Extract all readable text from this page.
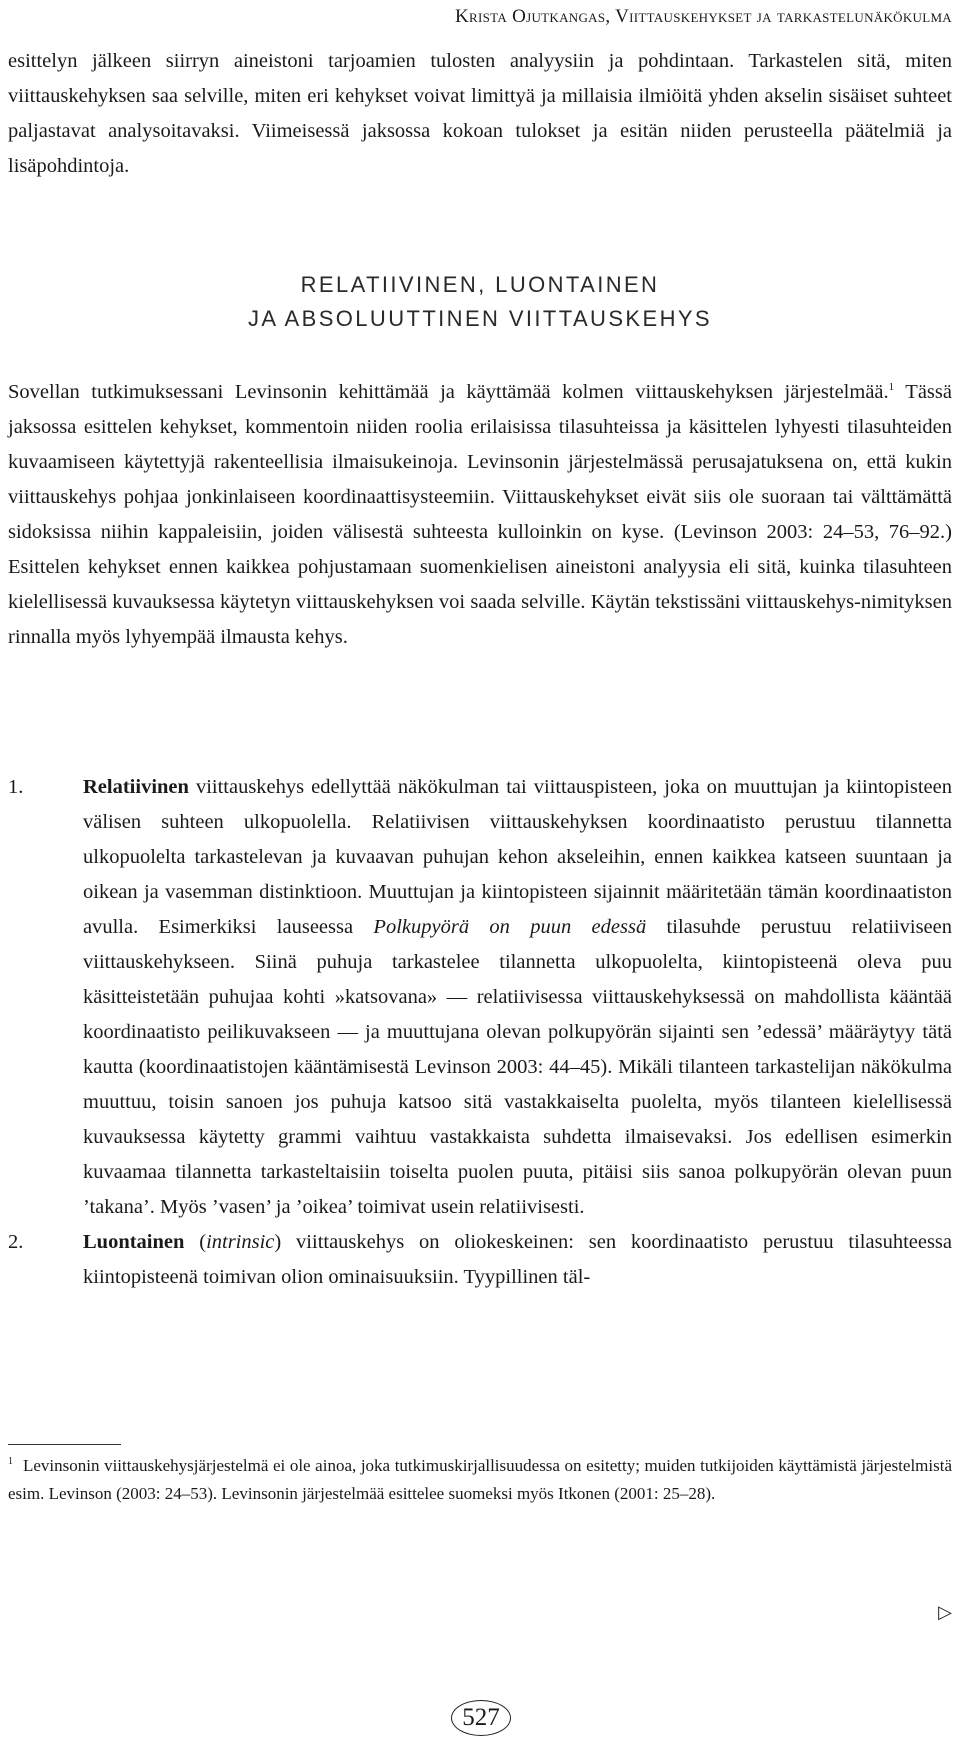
Krista Ojutkangas, Viittauskehykset ja tarkastelunäkökulma

esittelyn jälkeen siirryn aineistoni tarjoamien tulosten analyysiin ja pohdintaan. Tarkastelen sitä, miten viittauskehyksen saa selville, miten eri kehykset voivat limittyä ja millaisia ilmiöitä yhden akselin sisäiset suhteet paljastavat analysoitavaksi. Viimeisessä jaksossa kokoan tulokset ja esitän niiden perusteella päätelmiä ja lisäpohdintoja.

RELATIIVINEN, LUONTAINEN
JA ABSOLUUTTINEN VIITTAUSKEHYS

Sovellan tutkimuksessani Levinsonin kehittämää ja käyttämää kolmen viittauskehyksen järjestelmää.$^1$ Tässä jaksossa esittelen kehykset, kommentoin niiden roolia erilaisissa tilasuhteissa ja käsittelen lyhyesti tilasuhteiden kuvaamiseen käytettyjä rakenteellisia ilmaisukeinoja. Levinsonin järjestelmässä perusajatuksena on, että kukin viittauskehys pohjaa jonkinlaiseen koordinaattisysteemiin. Viittauskehykset eivät siis ole suoraan tai välttämättä sidoksissa niihin kappaleisiin, joiden välisestä suhteesta kulloinkin on kyse. (Levinson 2003: 24–53, 76–92.) Esittelen kehykset ennen kaikkea pohjustamaan suomenkielisen aineistoni analyysia eli sitä, kuinka tilasuhteen kielellisessä kuvauksessa käytetyn viittauskehyksen voi saada selville. Käytän tekstissäni viittauskehys-nimityksen rinnalla myös lyhyempää ilmausta kehys.

1.	Relatiivinen viittauskehys edellyttää näkökulman tai viittauspisteen, joka on muuttujan ja kiintopisteen välisen suhteen ulkopuolella. Relatiivisen viittauskehyksen koordinaatisto perustuu tilannetta ulkopuolelta tarkastelevan ja kuvaavan puhujan kehon akseleihin, ennen kaikkea katseen suuntaan ja oikean ja vasemman distinktioon. Muuttujan ja kiintopisteen sijainnit määritetään tämän koordinaatiston avulla. Esimerkiksi lauseessa Polkupyörä on puun edessä tilasuhde perustuu relatiiviseen viittauskehykseen. Siinä puhuja tarkastelee tilannetta ulkopuolelta, kiintopisteenä oleva puu käsitteistetään puhujaa kohti »katsovana» — relatiivisessa viittauskehyksessä on mahdollista kääntää koordinaatisto peilikuvakseen — ja muuttujana olevan polkupyörän sijainti sen ’edessä’ määräytyy tätä kautta (koordinaatistojen kääntämisestä Levinson 2003: 44–45). Mikäli tilanteen tarkastelijan näkökulma muuttuu, toisin sanoen jos puhuja katsoo sitä vastakkaiselta puolelta, myös tilanteen kielellisessä kuvauksessa käytetty grammi vaihtuu vastakkaista suhdetta ilmaisevaksi. Jos edellisen esimerkin kuvaamaa tilannetta tarkasteltaisiin toiselta puolen puuta, pitäisi siis sanoa polkupyörän olevan puun ’takana’. Myös ’vasen’ ja ’oikea’ toimivat usein relatiivisesti.
2.	Luontainen (intrinsic) viittauskehys on oliokeskeinen: sen koordinaatisto perustuu tilasuhteessa kiintopisteenä toimivan olion ominaisuuksiin. Tyypillinen täl-

$^1$ Levinsonin viittauskehysjärjestelmä ei ole ainoa, joka tutkimuskirjallisuudessa on esitetty; muiden tutkijoiden käyttämistä järjestelmistä esim. Levinson (2003: 24–53). Levinsonin järjestelmää esittelee suomeksi myös Itkonen (2001: 25–28).

▷
527
